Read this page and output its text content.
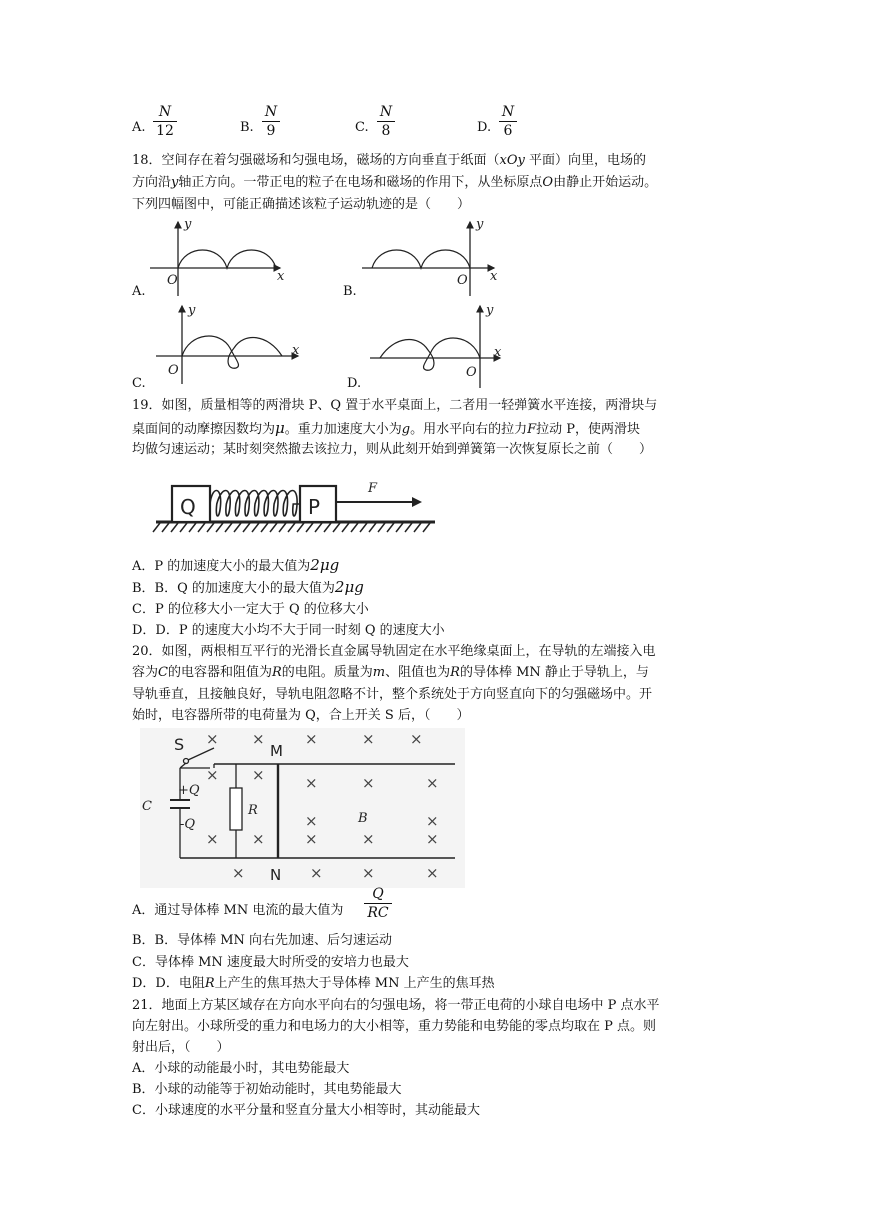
A.
N
12	B.
N
9	C.
N
8	D.
N
6
18．空间存在着匀强磁场和匀强电场，磁场的方向垂直于纸面（xOy 平面）向里，电场的
方向沿y轴正方向。一带正电的粒子在电场和磁场的作用下，从坐标原点O由静止开始运动。
下列四幅图中，可能正确描述该粒子运动轨迹的是（　　）
y
x
O
A.
y
x
O
B.
y
x
O
C.
y
x
O
D.
19．如图，质量相等的两滑块 P、Q 置于水平桌面上，二者用一轻弹簧水平连接，两滑块与
桌面间的动摩擦因数均为μ。重力加速度大小为g。用水平向右的拉力F拉动 P，使两滑块
均做匀速运动；某时刻突然撤去该拉力，则从此刻开始到弹簧第一次恢复原长之前（　　）
Q	P
F
A．P 的加速度大小的最大值为2μg
B．B．Q 的加速度大小的最大值为2μg
C．P 的位移大小一定大于 Q 的位移大小
D．D．P 的速度大小均不大于同一时刻 Q 的速度大小
20．如图，两根相互平行的光滑长直金属导轨固定在水平绝缘桌面上，在导轨的左端接入电
容为C的电容器和阻值为R的电阻。质量为m、阻值也为R的导体棒 MN 静止于导轨上，与
导轨垂直，且接触良好，导轨电阻忽略不计，整个系统处于方向竖直向下的匀强磁场中。开
始时，电容器所带的电荷量为 Q，合上开关 S 后，（　　）
S
C
+Q
-Q
R
M
N
B
× ×	×	× ×
× ×	×	×	×
×	×
× ×	×	×	×
×	×	×	×
A．通过导体棒 MN 电流的最大值为
Q
RC
B．B．导体棒 MN 向右先加速、后匀速运动
C．导体棒 MN 速度最大时所受的安培力也最大
D．D．电阻R上产生的焦耳热大于导体棒 MN 上产生的焦耳热
21．地面上方某区域存在方向水平向右的匀强电场，将一带正电荷的小球自电场中 P 点水平
向左射出。小球所受的重力和电场力的大小相等，重力势能和电势能的零点均取在 P 点。则
射出后，（　　）
A．小球的动能最小时，其电势能最大
B．小球的动能等于初始动能时，其电势能最大
C．小球速度的水平分量和竖直分量大小相等时，其动能最大
